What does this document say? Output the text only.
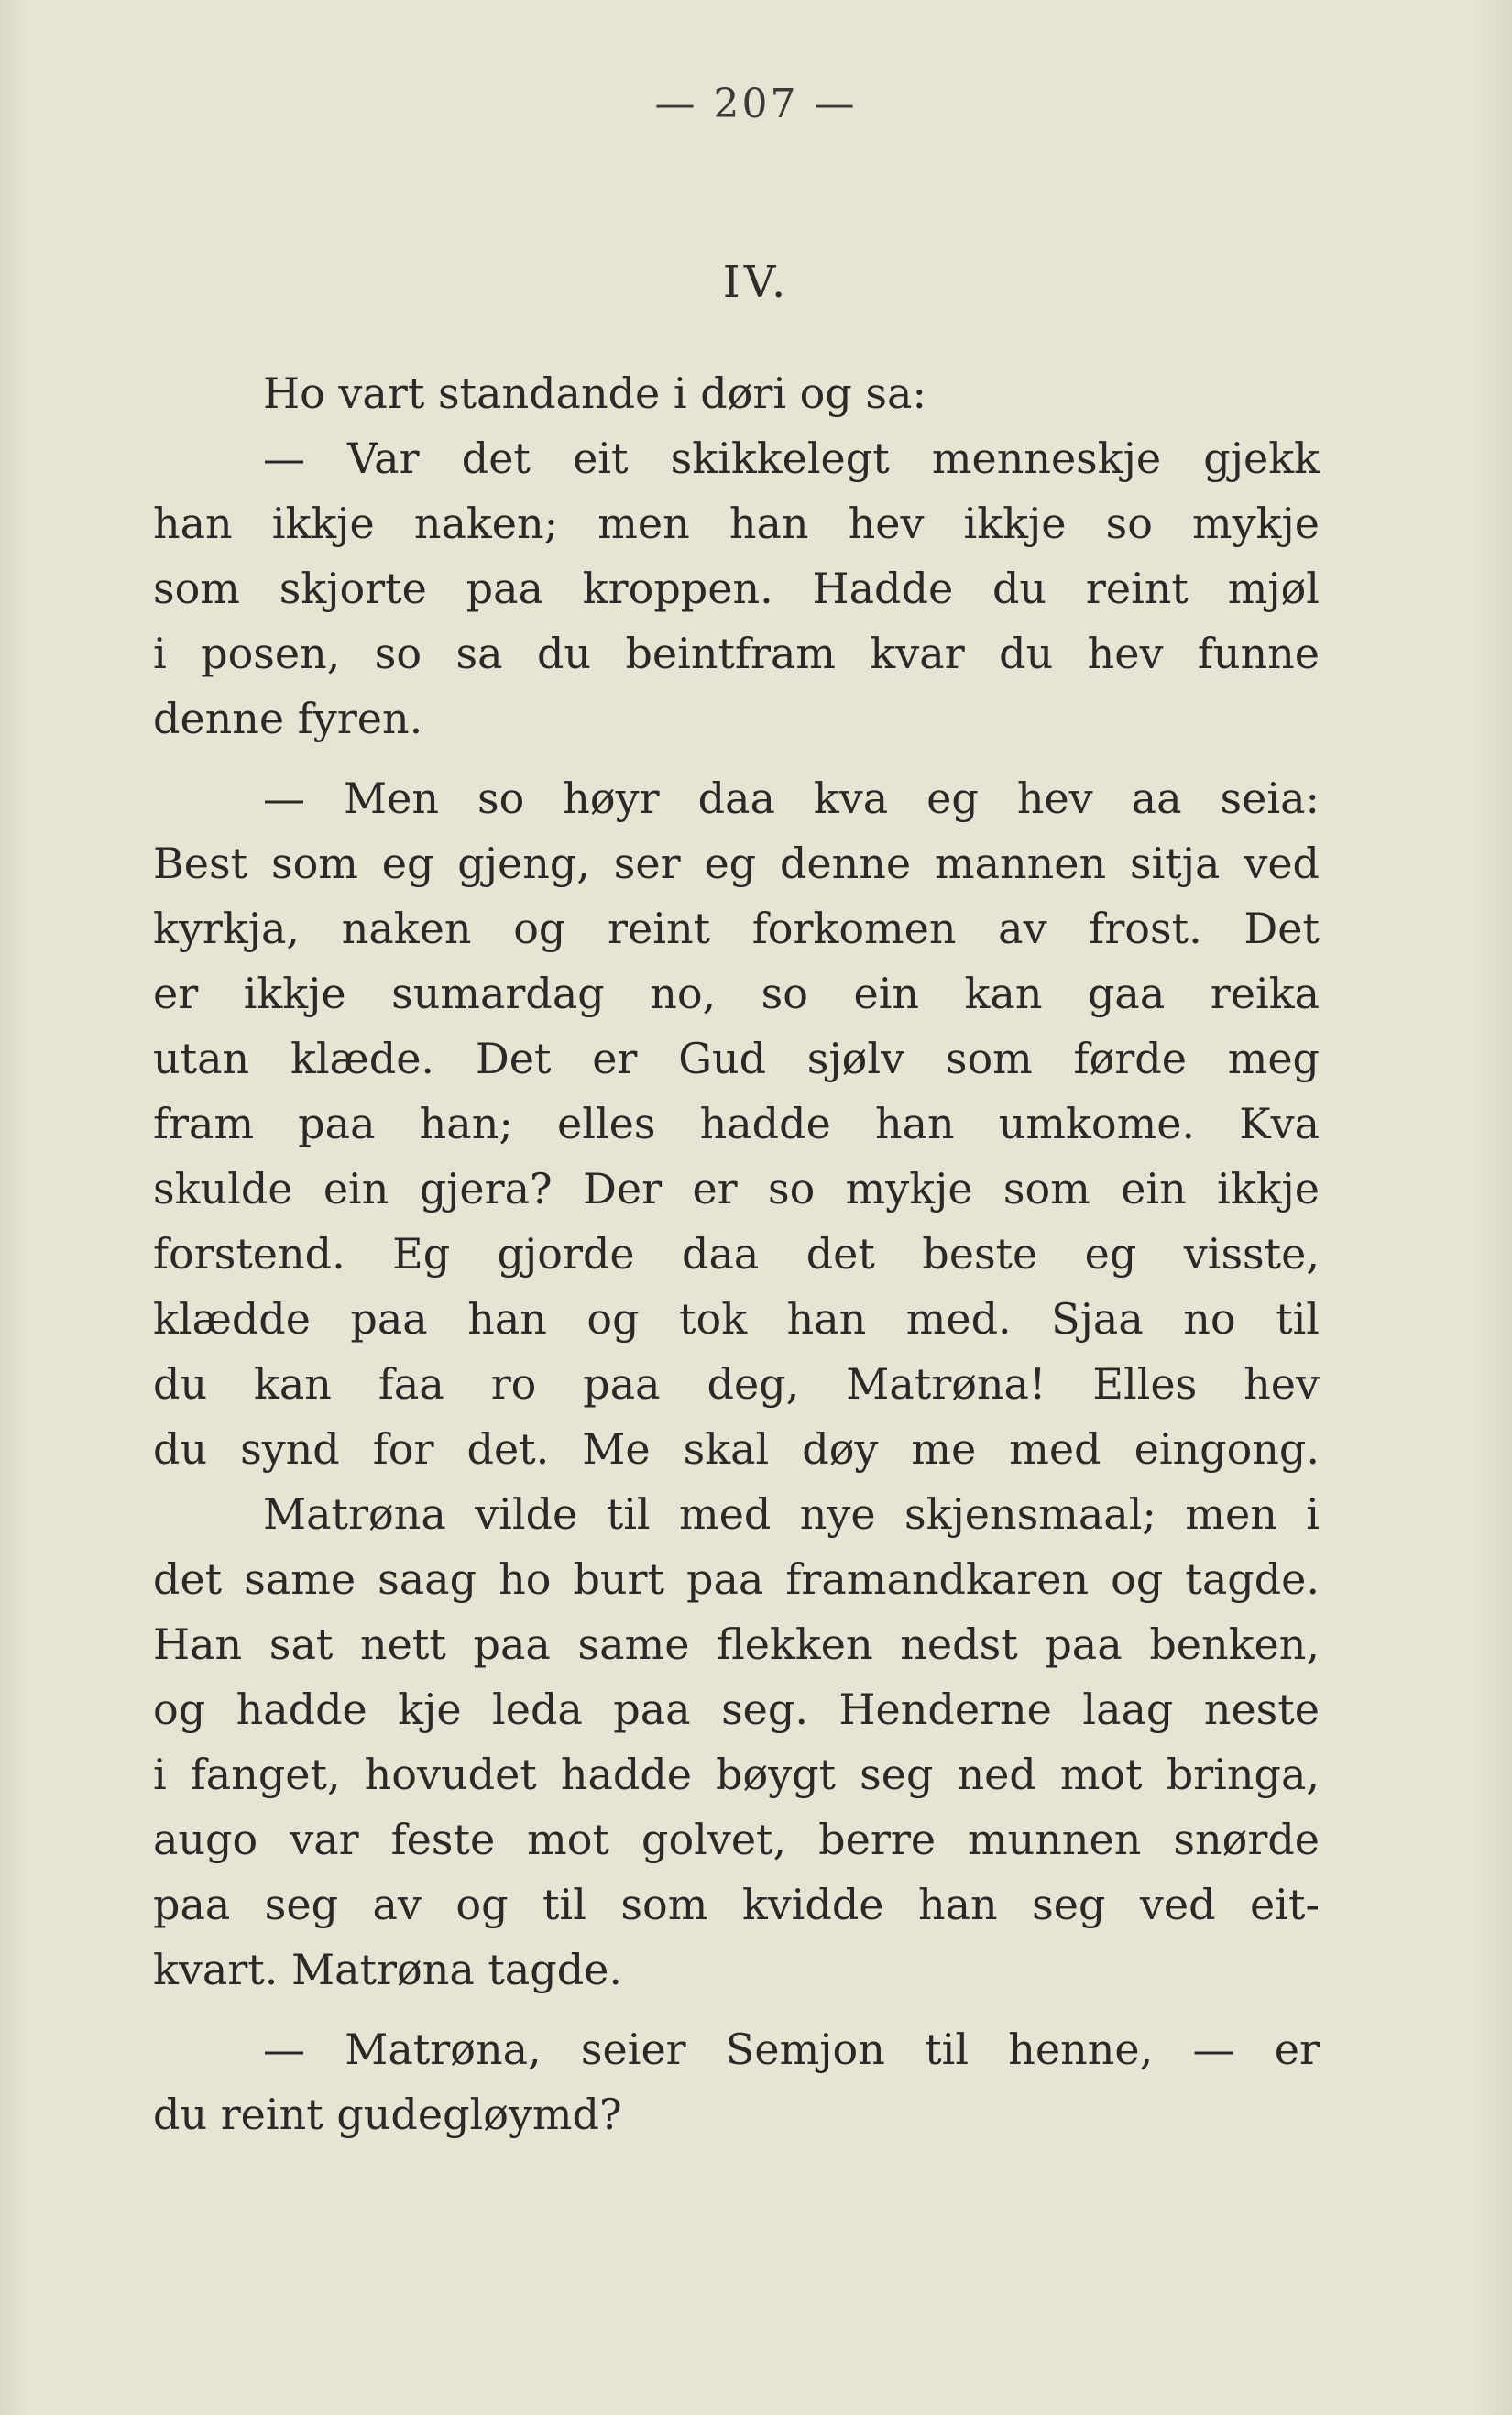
— 207 —
IV.
Ho vart standande i døri og sa:
— Var det eit skikkelegt menneskje gjekk
han ikkje naken; men han hev ikkje so mykje
som skjorte paa kroppen. Hadde du reint mjøl
i posen, so sa du beintfram kvar du hev funne
denne fyren.
— Men so høyr daa kva eg hev aa seia:
Best som eg gjeng, ser eg denne mannen sitja ved
kyrkja, naken og reint forkomen av frost. Det
er ikkje sumardag no, so ein kan gaa reika
utan klæde. Det er Gud sjølv som førde meg
fram paa han; elles hadde han umkome. Kva
skulde ein gjera? Der er so mykje som ein ikkje
forstend. Eg gjorde daa det beste eg visste,
klædde paa han og tok han med. Sjaa no til
du kan faa ro paa deg, Matrøna! Elles hev
du synd for det. Me skal døy me med eingong.
Matrøna vilde til med nye skjensmaal; men i
det same saag ho burt paa framandkaren og tagde.
Han sat nett paa same flekken nedst paa benken,
og hadde kje leda paa seg. Henderne laag neste
i fanget, hovudet hadde bøygt seg ned mot bringa,
augo var feste mot golvet, berre munnen snørde
paa seg av og til som kvidde han seg ved eit-
kvart. Matrøna tagde.
— Matrøna, seier Semjon til henne, — er
du reint gudegløymd?
